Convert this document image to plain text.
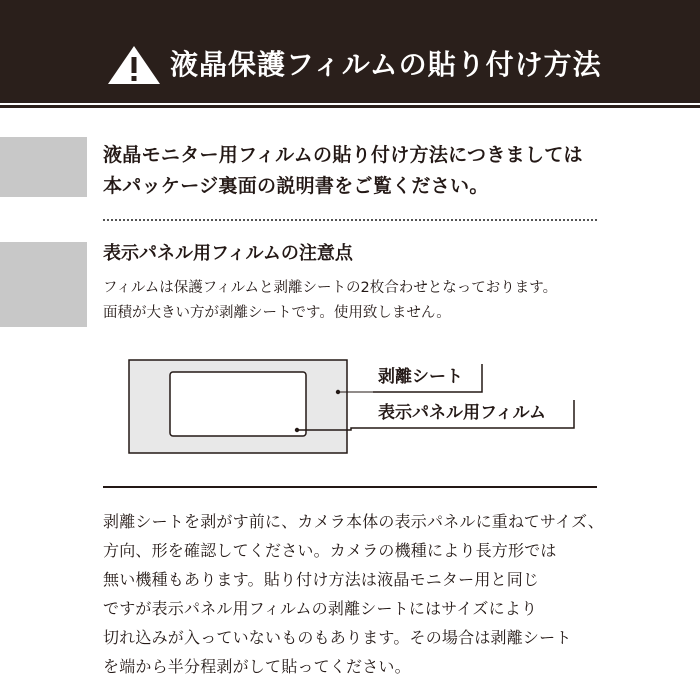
液晶保護フィルムの貼り付け方法
液晶モニター用フィルムの貼り付け方法につきましては
本パッケージ裏面の説明書をご覧ください。
表示パネル用フィルムの注意点
フィルムは保護フィルムと剥離シートの2枚合わせとなっております。
面積が大きい方が剥離シートです。使用致しません。
剥離シート
表示パネル用フィルム
剥離シートを剥がす前に、カメラ本体の表示パネルに重ねてサイズ、
方向、形を確認してください。カメラの機種により長方形では
無い機種もあります。貼り付け方法は液晶モニター用と同じ
ですが表示パネル用フィルムの剥離シートにはサイズにより
切れ込みが入っていないものもあります。その場合は剥離シート
を端から半分程剥がして貼ってください。
